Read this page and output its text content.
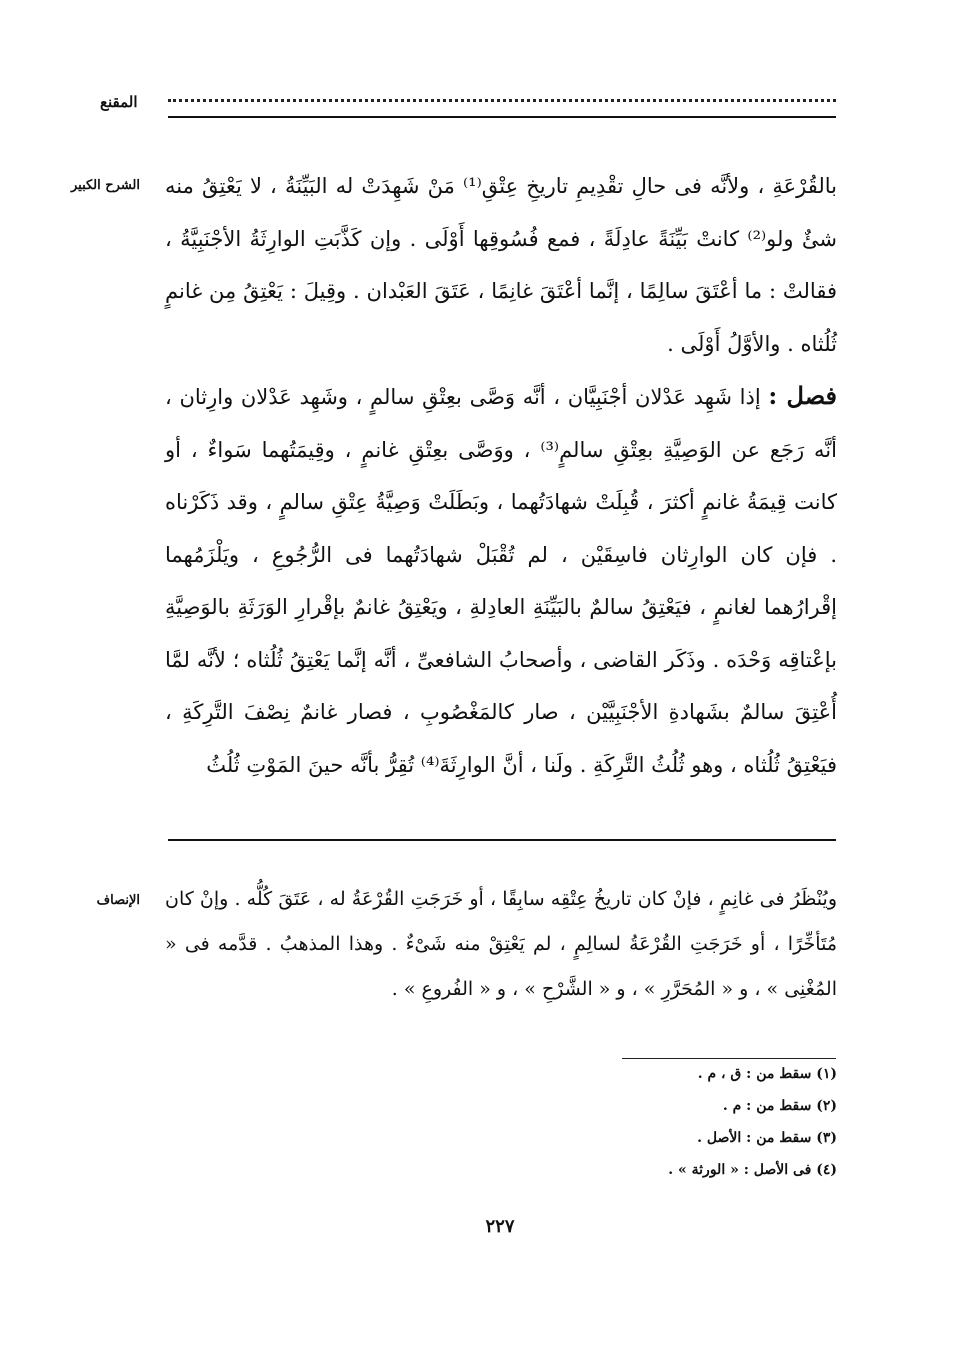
المقنع
الشرح الكبير بالقُرْعَةِ ، ولأنَّه فى حالِ تقْدِيمِ تاريخِ عِتْقِ⁽¹⁾ مَنْ شَهِدَتْ له البَيِّنَةُ ، لا يَعْتِقُ منه شئٌ ولو⁽²⁾ كانتْ بَيِّنَةً عادِلَةً ، فمع فُسُوقِها أَوْلَى . وإن كَذَّبَتِ الوارِثَةُ الأجْنَبِيَّةُ ، فقالتْ : ما أعْتَقَ سالِمًا ، إنَّما أعْتَقَ غانِمًا ، عَتَقَ العَبْدان . وقِيلَ : يَعْتِقُ مِن غانمٍ ثُلُثاه . والأوَّلُ أَوْلَى .

فصل : إذا شَهِد عَدْلان أجْنَبِيَّان ، أنَّه وَصَّى بعِتْقِ سالمٍ ، وشَهِد عَدْلان وارِثان ، أنَّه رَجَع عن الوَصِيَّةِ بعِتْقِ سالمٍ⁽³⁾ ، ووَصَّى بعِتْقِ غانمٍ ، وقِيمَتُهما سَواءٌ ، أو كانت قِيمَةُ غانمٍ أكثرَ ، قُبِلَتْ شهادَتُهما ، وبَطَلَتْ وَصِيَّةُ عِتْقِ سالمٍ ، وقد ذَكَرْناه . فإن كان الوارِثان فاسِقَيْن ، لم تُقْبَلْ شهادَتُهما فى الرُّجُوعِ ، ويَلْزَمُهما إقْرارُهما لغانمٍ ، فيَعْتِقُ سالمٌ بالبَيِّنَةِ العادِلةِ ، ويَعْتِقُ غانمٌ بإقْرارِ الوَرَثَةِ بالوَصِيَّةِ بإعْتاقِه وَحْدَه . وذَكَر القاضى ، وأصحابُ الشافعىِّ ، أنَّه إنَّما يَعْتِقُ ثُلُثاه ؛ لأنَّه لمَّا أُعْتِقَ سالمٌ بشَهادةِ الأجْنَبِيَّيْن ، صار كالمَغْصُوبِ ، فصار غانمٌ نِصْفَ التَّرِكَةِ ، فيَعْتِقُ ثُلُثاه ، وهو ثُلُثُ التَّرِكَةِ . ولَنا ، أنَّ الوارِثَةَ⁽⁴⁾ تُقِرُّ بأنَّه حينَ المَوْتِ ثُلُثُ

الإنصاف ويُنْظَرُ فى غانِمٍ ، فإنْ كان تاريخُ عِتْقِه سابِقًا ، أو خَرَجَتِ القُرْعَةُ له ، عَتَقَ كُلُّه . وإنْ كان مُتَأخِّرًا ، أو خَرَجَتِ القُرْعَةُ لسالِمٍ ، لم يَعْتِقْ منه شَىْءٌ . وهذا المذهبُ . قدَّمه فى « المُغْنِى » ، و « المُحَرَّرِ » ، و « الشَّرْحِ » ، و « الفُروعِ » .
(١) سقط من : ق ، م .
(٢) سقط من : م .
(٣) سقط من : الأصل .
(٤) فى الأصل : « الورثة » .
٢٢٧
